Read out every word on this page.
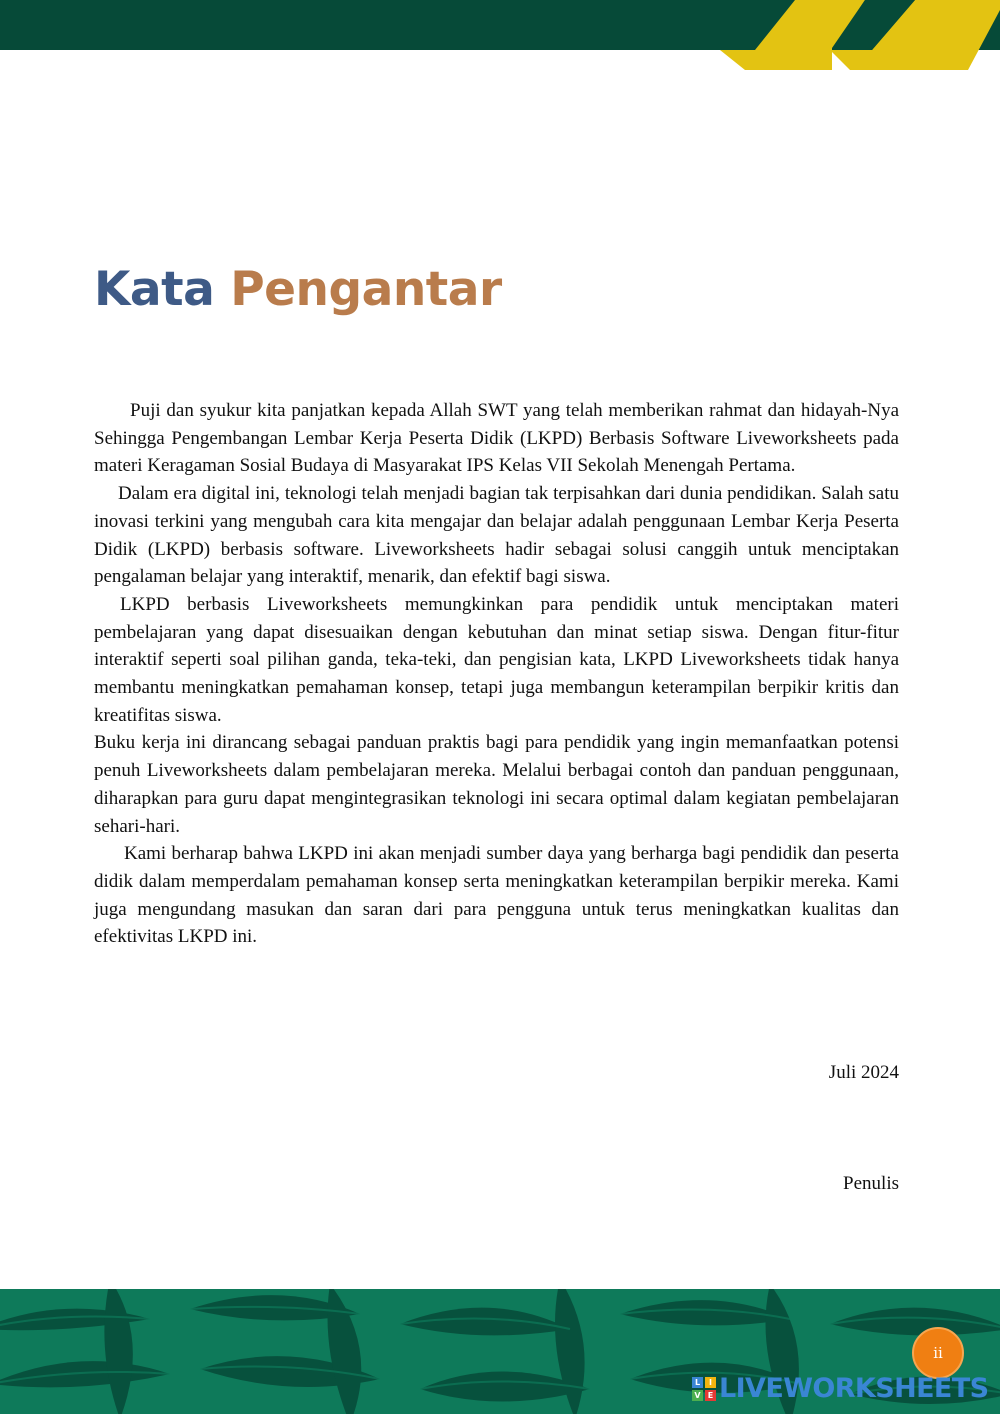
Kata Pengantar

Puji dan syukur kita panjatkan kepada Allah SWT yang telah memberikan rahmat dan hidayah-Nya Sehingga Pengembangan Lembar Kerja Peserta Didik (LKPD) Berbasis Software Liveworksheets pada materi Keragaman Sosial Budaya di Masyarakat IPS Kelas VII Sekolah Menengah Pertama.

Dalam era digital ini, teknologi telah menjadi bagian tak terpisahkan dari dunia pendidikan. Salah satu inovasi terkini yang mengubah cara kita mengajar dan belajar adalah penggunaan Lembar Kerja Peserta Didik (LKPD) berbasis software. Liveworksheets hadir sebagai solusi canggih untuk menciptakan pengalaman belajar yang interaktif, menarik, dan efektif bagi siswa.

LKPD berbasis Liveworksheets memungkinkan para pendidik untuk menciptakan materi pembelajaran yang dapat disesuaikan dengan kebutuhan dan minat setiap siswa. Dengan fitur-fitur interaktif seperti soal pilihan ganda, teka-teki, dan pengisian kata, LKPD Liveworksheets tidak hanya membantu meningkatkan pemahaman konsep, tetapi juga membangun keterampilan berpikir kritis dan kreatifitas siswa.

Buku kerja ini dirancang sebagai panduan praktis bagi para pendidik yang ingin memanfaatkan potensi penuh Liveworksheets dalam pembelajaran mereka. Melalui berbagai contoh dan panduan penggunaan, diharapkan para guru dapat mengintegrasikan teknologi ini secara optimal dalam kegiatan pembelajaran sehari-hari.

Kami berharap bahwa LKPD ini akan menjadi sumber daya yang berharga bagi pendidik dan peserta didik dalam memperdalam pemahaman konsep serta meningkatkan keterampilan berpikir mereka. Kami juga mengundang masukan dan saran dari para pengguna untuk terus meningkatkan kualitas dan efektivitas LKPD ini.

Juli 2024
Penulis
ii
L	I
V E LIVEWORKSHEETS
